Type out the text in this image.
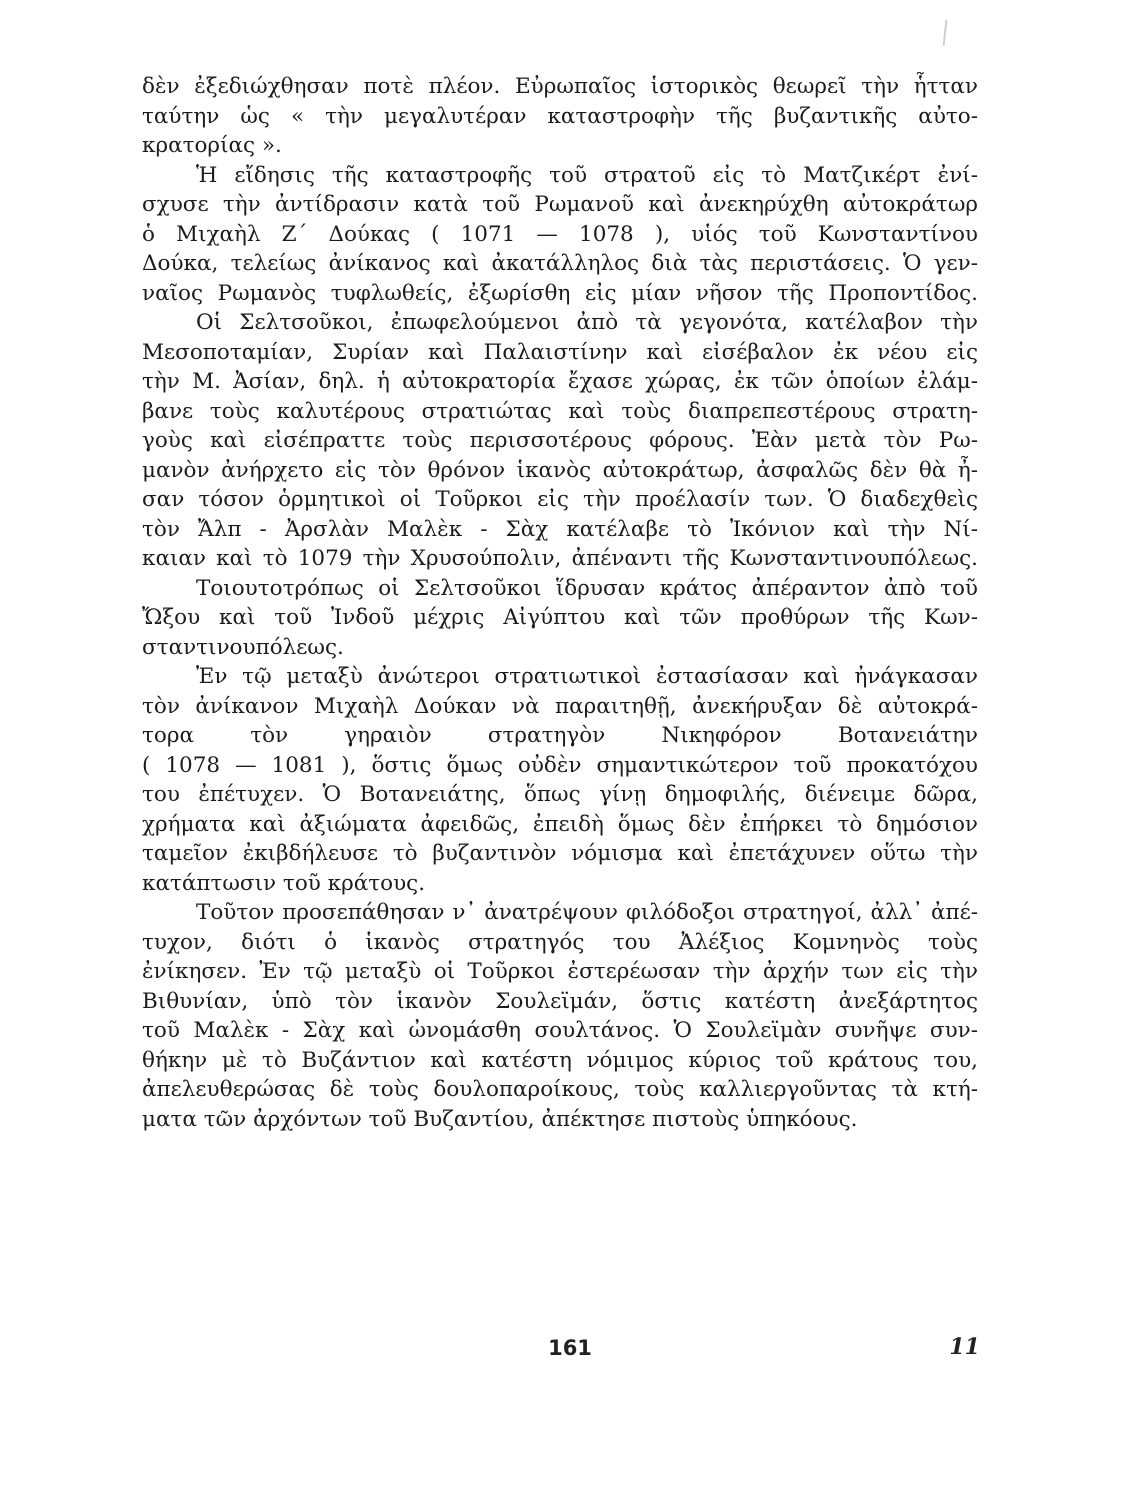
δὲν ἐξεδιώχθησαν ποτὲ πλέον. Εὐρωπαῖος ἱστορικὸς θεωρεῖ τὴν ἧτταν
ταύτην ὡς « τὴν μεγαλυτέραν καταστροφὴν τῆς βυζαντικῆς αὐτο-
κρατορίας ».
Ἡ εἴδησις τῆς καταστροφῆς τοῦ στρατοῦ εἰς τὸ Ματζικέρτ ἐνί-
σχυσε τὴν ἀντίδρασιν κατὰ τοῦ Ρωμανοῦ καὶ ἀνεκηρύχθη αὐτοκράτωρ
ὁ Μιχαὴλ Ζ΄ Δούκας ( 1071 — 1078 ), υἱός τοῦ Κωνσταντίνου
Δούκα, τελείως ἀνίκανος καὶ ἀκατάλληλος διὰ τὰς περιστάσεις. Ὁ γεν-
ναῖος Ρωμανὸς τυφλωθείς, ἐξωρίσθη εἰς μίαν νῆσον τῆς Προποντίδος.
Οἱ Σελτσοῦκοι, ἐπωφελούμενοι ἀπὸ τὰ γεγονότα, κατέλαβον τὴν
Μεσοποταμίαν, Συρίαν καὶ Παλαιστίνην καὶ εἰσέβαλον ἐκ νέου εἰς
τὴν Μ. Ἀσίαν, δηλ. ἡ αὐτοκρατορία ἔχασε χώρας, ἐκ τῶν ὁποίων ἐλάμ-
βανε τοὺς καλυτέρους στρατιώτας καὶ τοὺς διαπρεπεστέρους στρατη-
γοὺς καὶ εἰσέπραττε τοὺς περισσοτέρους φόρους. Ἐὰν μετὰ τὸν Ρω-
μανὸν ἀνήρχετο εἰς τὸν θρόνον ἱκανὸς αὐτοκράτωρ, ἀσφαλῶς δὲν θὰ ἦ-
σαν τόσον ὁρμητικοὶ οἱ Τοῦρκοι εἰς τὴν προέλασίν των. Ὁ διαδεχθεὶς
τὸν Ἄλπ - Ἀρσλὰν Μαλὲκ - Σὰχ κατέλαβε τὸ Ἰκόνιον καὶ τὴν Νί-
καιαν καὶ τὸ 1079 τὴν Χρυσούπολιν, ἀπέναντι τῆς Κωνσταντινουπόλεως.
Τοιουτοτρόπως οἱ Σελτσοῦκοι ἵδρυσαν κράτος ἀπέραντον ἀπὸ τοῦ
Ὤξου καὶ τοῦ Ἰνδοῦ μέχρις Αἰγύπτου καὶ τῶν προθύρων τῆς Κων-
σταντινουπόλεως.
Ἐν τῷ μεταξὺ ἀνώτεροι στρατιωτικοὶ ἐστασίασαν καὶ ἠνάγκασαν
τὸν ἀνίκανον Μιχαὴλ Δούκαν νὰ παραιτηθῇ, ἀνεκήρυξαν δὲ αὐτοκρά-
τορα τὸν γηραιὸν στρατηγὸν Νικηφόρον Βοτανειάτην
( 1078 — 1081 ), ὅστις ὅμως οὐδὲν σημαντικώτερον τοῦ προκατόχου
του ἐπέτυχεν. Ὁ Βοτανειάτης, ὅπως γίνῃ δημοφιλής, διένειμε δῶρα,
χρήματα καὶ ἀξιώματα ἀφειδῶς, ἐπειδὴ ὅμως δὲν ἐπήρκει τὸ δημόσιον
ταμεῖον ἐκιβδήλευσε τὸ βυζαντινὸν νόμισμα καὶ ἐπετάχυνεν οὕτω τὴν
κατάπτωσιν τοῦ κράτους.
Τοῦτον προσεπάθησαν ν᾿ ἀνατρέψουν φιλόδοξοι στρατηγοί, ἀλλ᾿ ἀπέ-
τυχον, διότι ὁ ἱκανὸς στρατηγός του Ἀλέξιος Κομνηνὸς τοὺς
ἐνίκησεν. Ἐν τῷ μεταξὺ οἱ Τοῦρκοι ἐστερέωσαν τὴν ἀρχήν των εἰς τὴν
Βιθυνίαν, ὑπὸ τὸν ἱκανὸν Σουλεϊμάν, ὅστις κατέστη ἀνεξάρτητος
τοῦ Μαλὲκ - Σὰχ καὶ ὠνομάσθη σουλτάνος. Ὁ Σουλεϊμὰν συνῆψε συν-
θήκην μὲ τὸ Βυζάντιον καὶ κατέστη νόμιμος κύριος τοῦ κράτους του,
ἀπελευθερώσας δὲ τοὺς δουλοπαροίκους, τοὺς καλλιεργοῦντας τὰ κτή-
ματα τῶν ἀρχόντων τοῦ Βυζαντίου, ἀπέκτησε πιστοὺς ὑπηκόους.
161	11
